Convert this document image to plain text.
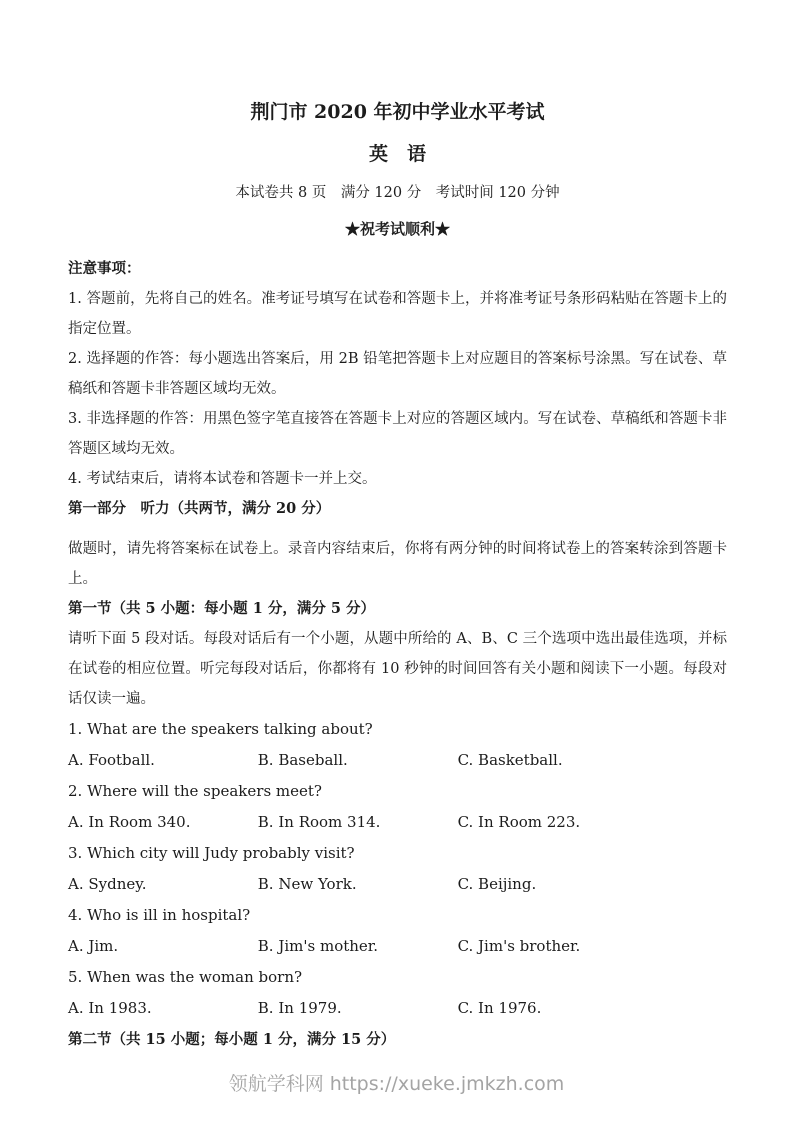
荆门市 2020 年初中学业水平考试
英　语
本试卷共 8 页　满分 120 分　考试时间 120 分钟
★祝考试顺利★
注意事项：

1. 答题前，先将自己的姓名。准考证号填写在试卷和答题卡上，并将准考证号条形码粘贴在答题卡上的指定位置。

2. 选择题的作答：每小题选出答案后，用 2B 铅笔把答题卡上对应题目的答案标号涂黑。写在试卷、草稿纸和答题卡非答题区域均无效。

3. 非选择题的作答：用黑色签字笔直接答在答题卡上对应的答题区域内。写在试卷、草稿纸和答题卡非答题区域均无效。

4. 考试结束后，请将本试卷和答题卡一并上交。

第一部分　听力（共两节，满分 20 分）

做题时，请先将答案标在试卷上。录音内容结束后，你将有两分钟的时间将试卷上的答案转涂到答题卡上。

第一节（共 5 小题：每小题 1 分，满分 5 分）

请听下面 5 段对话。每段对话后有一个小题，从题中所给的 A、B、C 三个选项中选出最佳选项，并标在试卷的相应位置。听完每段对话后，你都将有 10 秒钟的时间回答有关小题和阅读下一小题。每段对话仅读一遍。

1. What are the speakers talking about?
A. Football.	B. Baseball.	C. Basketball.
2. Where will the speakers meet?
A. In Room 340.	B. In Room 314.	C. In Room 223.
3. Which city will Judy probably visit?
A. Sydney.	B. New York.	C. Beijing.
4. Who is ill in hospital?
A. Jim.	B. Jim's mother.	C. Jim's brother.
5. When was the woman born?
A. In 1983.	B. In 1979.	C. In 1976.
第二节（共 15 小题；每小题 1 分，满分 15 分）
领航学科网 https://xueke.jmkzh.com
